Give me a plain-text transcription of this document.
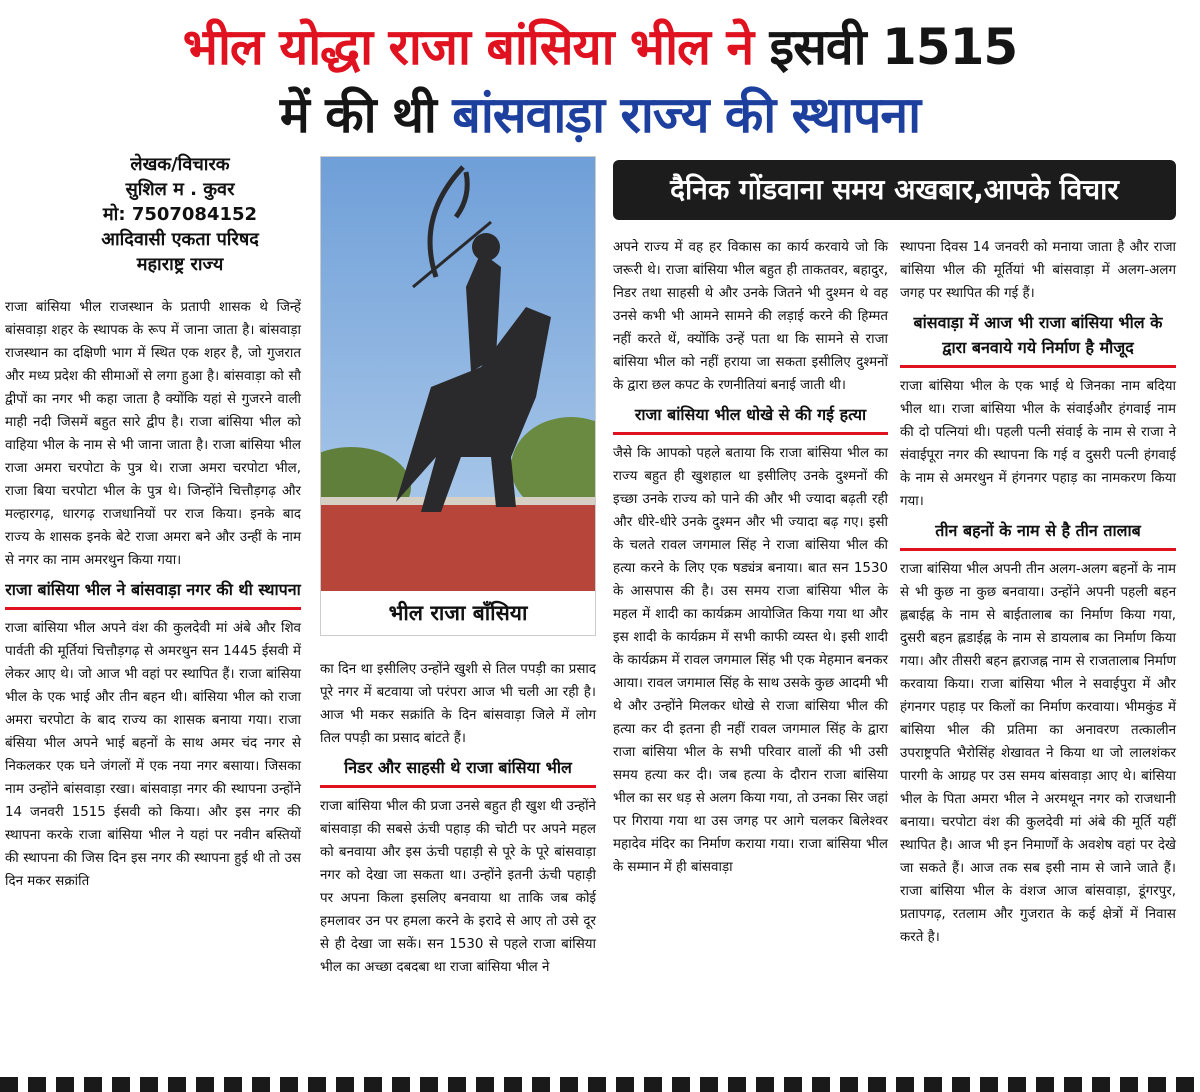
भील योद्धा राजा बांसिया भील ने इसवी 1515
में की थी बांसवाड़ा राज्य की स्थापना
लेखक/विचारक
सुशिल म . कुवर
मो: 7507084152
आदिवासी एकता परिषद
महाराष्ट्र राज्य
भील राजा बाँसिया
दैनिक गोंडवाना समय अखबार,आपके विचार

राजा बांसिया भील राजस्थान के प्रतापी शासक थे जिन्हें बांसवाड़ा शहर के स्थापक के रूप में जाना जाता है। बांसवाड़ा राजस्थान का दक्षिणी भाग में स्थित एक शहर है, जो गुजरात और मध्य प्रदेश की सीमाओं से लगा हुआ है। बांसवाड़ा को सौ द्वीपों का नगर भी कहा जाता है क्योंकि यहां से गुजरने वाली माही नदी जिसमें बहुत सारे द्वीप है। राजा बांसिया भील को वाहिया भील के नाम से भी जाना जाता है। राजा बांसिया भील राजा अमरा चरपोटा के पुत्र थे। राजा अमरा चरपोटा भील, राजा बिया चरपोटा भील के पुत्र थे। जिन्होंने चित्तौड़गढ़ और मल्हारगढ़, धारगढ़ राजधानियों पर राज किया। इनके बाद राज्य के शासक इनके बेटे राजा अमरा बने और उन्हीं के नाम से नगर का नाम अमरथुन किया गया।

राजा बांसिया भील ने बांसवाड़ा नगर की थी स्थापना

राजा बांसिया भील अपने वंश की कुलदेवी मां अंबे और शिव पार्वती की मूर्तियां चित्तौड़गढ़ से अमरथुन सन 1445 ईसवी में लेकर आए थे। जो आज भी वहां पर स्थापित हैं। राजा बांसिया भील के एक भाई और तीन बहन थी। बांसिया भील को राजा अमरा चरपोटा के बाद राज्य का शासक बनाया गया। राजा बंसिया भील अपने भाई बहनों के साथ अमर चंद नगर से निकलकर एक घने जंगलों में एक नया नगर बसाया। जिसका नाम उन्होंने बांसवाड़ा रखा। बांसवाड़ा नगर की स्थापना उन्होंने 14 जनवरी 1515 ईसवी को किया। और इस नगर की स्थापना करके राजा बांसिया भील ने यहां पर नवीन बस्तियों की स्थापना की जिस दिन इस नगर की स्थापना हुई थी तो उस दिन मकर सक्रांति

का दिन था इसीलिए उन्होंने खुशी से तिल पपड़ी का प्रसाद पूरे नगर में बटवाया जो परंपरा आज भी चली आ रही है। आज भी मकर सक्रांति के दिन बांसवाड़ा जिले में लोग तिल पपड़ी का प्रसाद बांटते हैं।

निडर और साहसी थे राजा बांसिया भील

राजा बांसिया भील की प्रजा उनसे बहुत ही खुश थी उन्होंने बांसवाड़ा की सबसे ऊंची पहाड़ की चोटी पर अपने महल को बनवाया और इस ऊंची पहाड़ी से पूरे के पूरे बांसवाड़ा नगर को देखा जा सकता था। उन्होंने इतनी ऊंची पहाड़ी पर अपना किला इसलिए बनवाया था ताकि जब कोई हमलावर उन पर हमला करने के इरादे से आए तो उसे दूर से ही देखा जा सकें। सन 1530 से पहले राजा बांसिया भील का अच्छा दबदबा था राजा बांसिया भील ने

अपने राज्य में वह हर विकास का कार्य करवाये जो कि जरूरी थे। राजा बांसिया भील बहुत ही ताकतवर, बहादुर, निडर तथा साहसी थे और उनके जितने भी दुश्मन थे वह उनसे कभी भी आमने सामने की लड़ाई करने की हिम्मत नहीं करते थें, क्योंकि उन्हें पता था कि सामने से राजा बांसिया भील को नहीं हराया जा सकता इसीलिए दुश्मनों के द्वारा छल कपट के रणनीतियां बनाई जाती थी।

राजा बांसिया भील धोखे से की गई हत्या

जैसे कि आपको पहले बताया कि राजा बांसिया भील का राज्य बहुत ही खुशहाल था इसीलिए उनके दुश्मनों की इच्छा उनके राज्य को पाने की और भी ज्यादा बढ़ती रही और धीरे-धीरे उनके दुश्मन और भी ज्यादा बढ़ गए। इसी के चलते रावल जगमाल सिंह ने राजा बांसिया भील की हत्या करने के लिए एक षड्यंत्र बनाया। बात सन 1530 के आसपास की है। उस समय राजा बांसिया भील के महल में शादी का कार्यक्रम आयोजित किया गया था और इस शादी के कार्यक्रम में सभी काफी व्यस्त थे। इसी शादी के कार्यक्रम में रावल जगमाल सिंह भी एक मेहमान बनकर आया। रावल जगमाल सिंह के साथ उसके कुछ आदमी भी थे और उन्होंने मिलकर धोखे से राजा बांसिया भील की हत्या कर दी इतना ही नहीं रावल जगमाल सिंह के द्वारा राजा बांसिया भील के सभी परिवार वालों की भी उसी समय हत्या कर दी। जब हत्या के दौरान राजा बांसिया भील का सर धड़ से अलग किया गया, तो उनका सिर जहां पर गिराया गया था उस जगह पर आगे चलकर बिलेश्वर महादेव मंदिर का निर्माण कराया गया। राजा बांसिया भील के सम्मान में ही बांसवाड़ा

स्थापना दिवस 14 जनवरी को मनाया जाता है और राजा बांसिया भील की मूर्तियां भी बांसवाड़ा में अलग-अलग जगह पर स्थापित की गई हैं।

बांसवाड़ा में आज भी राजा बांसिया भील के द्वारा बनवाये गये निर्माण है मौजूद

राजा बांसिया भील के एक भाई थे जिनका नाम बदिया भील था। राजा बांसिया भील के संवाईऔर हंगवाई नाम की दो पत्नियां थी। पहली पत्नी संवाई के नाम से राजा ने संवाईपूरा नगर की स्थापना कि गई व दुसरी पत्नी हंगवाई के नाम से अमरथुन में हंगनगर पहाड़ का नामकरण किया गया।

तीन बहनों के नाम से है तीन तालाब

राजा बांसिया भील अपनी तीन अलग-अलग बहनों के नाम से भी कुछ ना कुछ बनवाया। उन्होंने अपनी पहली बहन ह्लबाईह्न के नाम से बाईतालाब का निर्माण किया गया, दुसरी बहन ह्लडाईह्न के नाम से डायलाब का निर्माण किया गया। और तीसरी बहन ह्लराजह्न नाम से राजतालाब निर्माण करवाया किया। राजा बांसिया भील ने सवाईपुरा में और हंगनगर पहाड़ पर किलों का निर्माण करवाया। भीमकुंड में बांसिया भील की प्रतिमा का अनावरण तत्कालीन उपराष्ट्रपति भैरोसिंह शेखावत ने किया था जो लालशंकर पारगी के आग्रह पर उस समय बांसवाड़ा आए थे। बांसिया भील के पिता अमरा भील ने अरमथून नगर को राजधानी बनाया। चरपोटा वंश की कुलदेवी मां अंबे की मूर्ति यहीं स्थापित है। आज भी इन निमार्णों के अवशेष वहां पर देखे जा सकते हैं। आज तक सब इसी नाम से जाने जाते हैं। राजा बांसिया भील के वंशज आज बांसवाड़ा, डूंगरपुर, प्रतापगढ़, रतलाम और गुजरात के कई क्षेत्रों में निवास करते है।
